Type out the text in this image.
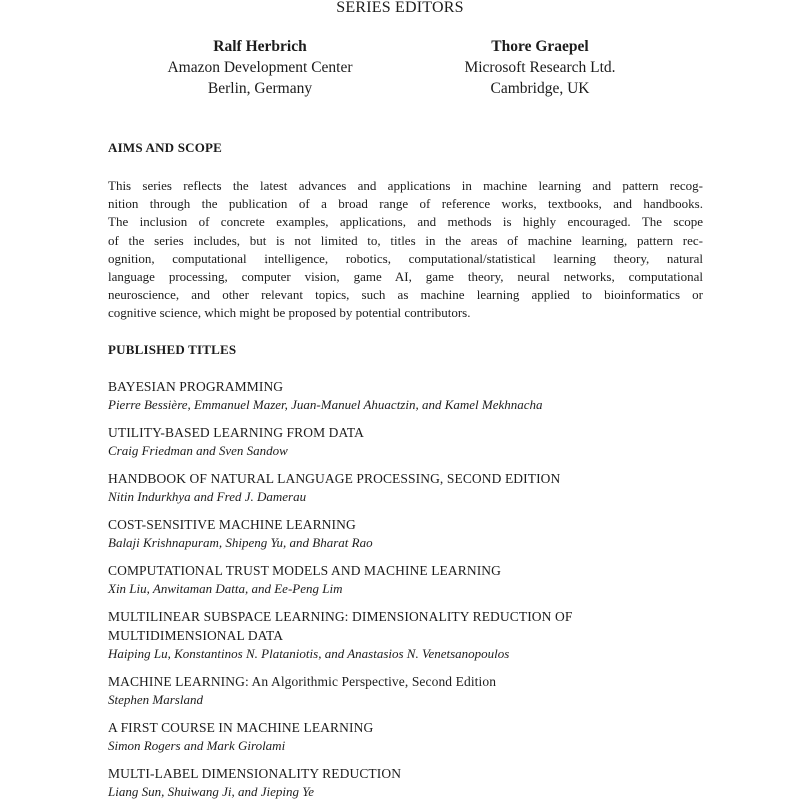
SERIES EDITORS
Ralf Herbrich
Amazon Development Center
Berlin, Germany
Thore Graepel
Microsoft Research Ltd.
Cambridge, UK
AIMS AND SCOPE
This series reflects the latest advances and applications in machine learning and pattern recog-
nition through the publication of a broad range of reference works, textbooks, and handbooks.
The inclusion of concrete examples, applications, and methods is highly encouraged. The scope
of the series includes, but is not limited to, titles in the areas of machine learning, pattern rec-
ognition, computational intelligence, robotics, computational/statistical learning theory, natural
language processing, computer vision, game AI, game theory, neural networks, computational
neuroscience, and other relevant topics, such as machine learning applied to bioinformatics or
cognitive science, which might be proposed by potential contributors.
PUBLISHED TITLES
BAYESIAN PROGRAMMING
Pierre Bessière, Emmanuel Mazer, Juan-Manuel Ahuactzin, and Kamel Mekhnacha
UTILITY-BASED LEARNING FROM DATA
Craig Friedman and Sven Sandow
HANDBOOK OF NATURAL LANGUAGE PROCESSING, SECOND EDITION
Nitin Indurkhya and Fred J. Damerau
COST-SENSITIVE MACHINE LEARNING
Balaji Krishnapuram, Shipeng Yu, and Bharat Rao
COMPUTATIONAL TRUST MODELS AND MACHINE LEARNING
Xin Liu, Anwitaman Datta, and Ee-Peng Lim
MULTILINEAR SUBSPACE LEARNING: DIMENSIONALITY REDUCTION OF
MULTIDIMENSIONAL DATA
Haiping Lu, Konstantinos N. Plataniotis, and Anastasios N. Venetsanopoulos
MACHINE LEARNING: An Algorithmic Perspective, Second Edition
Stephen Marsland
A FIRST COURSE IN MACHINE LEARNING
Simon Rogers and Mark Girolami
MULTI-LABEL DIMENSIONALITY REDUCTION
Liang Sun, Shuiwang Ji, and Jieping Ye
